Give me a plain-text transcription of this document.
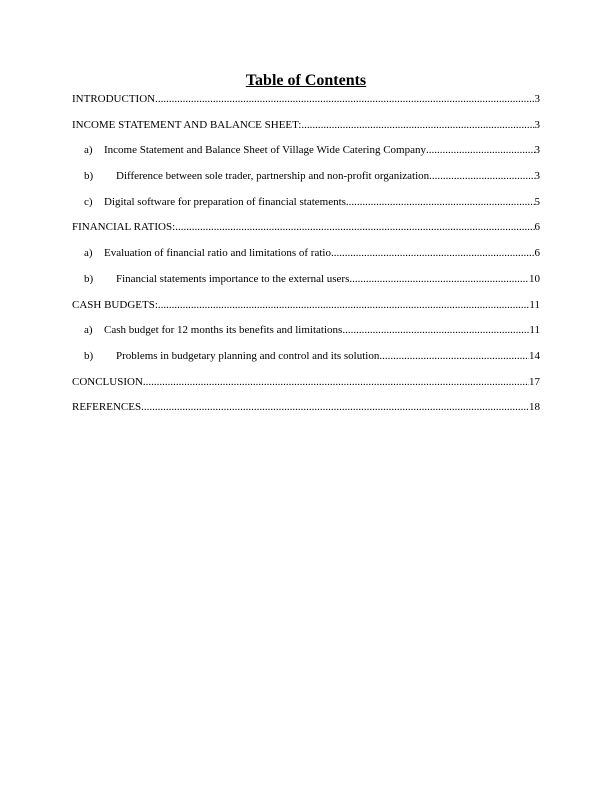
Table of Contents
INTRODUCTION .....	3
INCOME STATEMENT AND BALANCE SHEET: .....	3
a)	Income Statement and Balance Sheet of Village Wide Catering Company .....	3
b)	Difference between sole trader, partnership and non-profit organization .....	3
c)	Digital software for preparation of financial statements .....	5
FINANCIAL RATIOS: .....	6
a)	Evaluation of financial ratio and limitations of ratio .....	6
b)	Financial statements importance to the external users .....	10
CASH BUDGETS: .....	11
a)	Cash budget for 12 months its benefits and limitations .....	11
b)	Problems in budgetary planning and control and its solution .....	14
CONCLUSION .....	17
REFERENCES .....	18
